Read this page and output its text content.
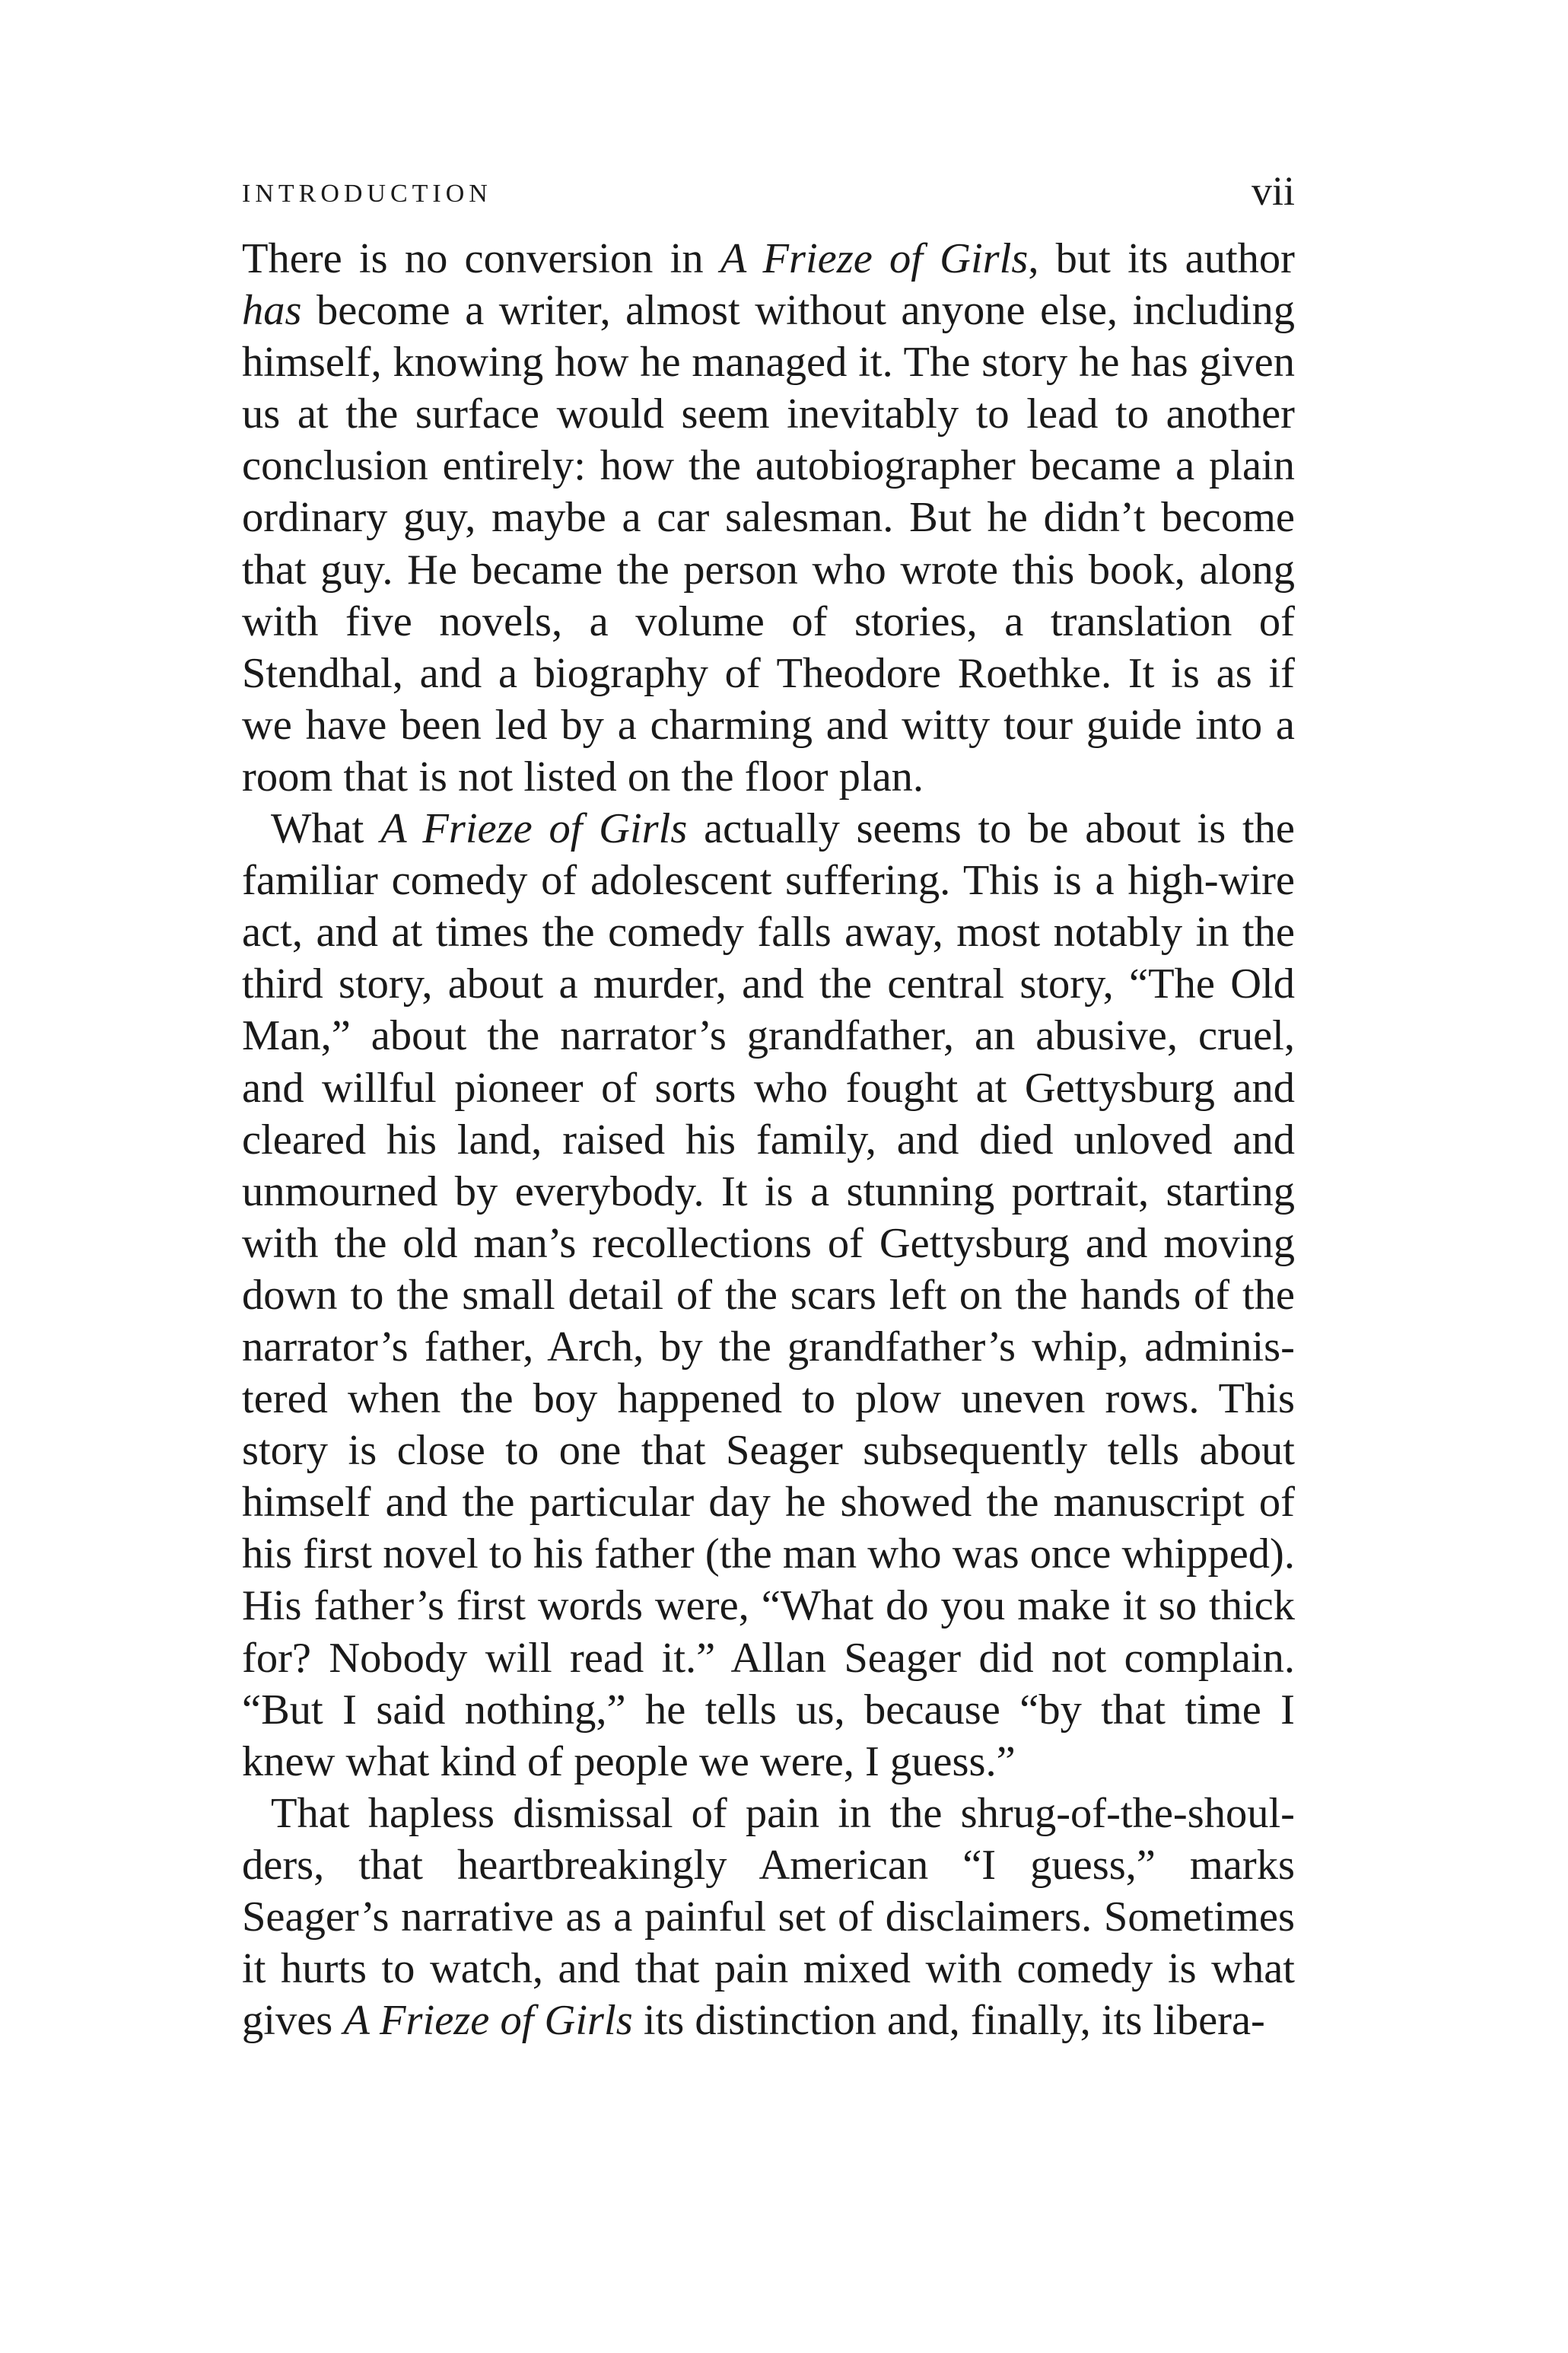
INTRODUCTION	vii

There is no conversion in A Frieze of Girls, but its author has become a writer, almost without anyone else, including himself, knowing how he managed it. The story he has given us at the surface would seem inevitably to lead to another conclusion entirely: how the autobiographer became a plain ordinary guy, maybe a car salesman. But he didn’t become that guy. He became the person who wrote this book, along with five novels, a volume of stories, a translation of Stendhal, and a biography of Theodore Roethke. It is as if we have been led by a charming and witty tour guide into a room that is not listed on the floor plan.

What A Frieze of Girls actually seems to be about is the familiar comedy of adolescent suffering. This is a high-wire act, and at times the comedy falls away, most notably in the third story, about a murder, and the central story, “The Old Man,” about the narrator’s grandfather, an abusive, cruel, and willful pioneer of sorts who fought at Gettysburg and cleared his land, raised his family, and died unloved and unmourned by everybody. It is a stunning portrait, starting with the old man’s recollections of Gettysburg and moving down to the small detail of the scars left on the hands of the narrator’s father, Arch, by the grandfather’s whip, administered when the boy happened to plow uneven rows. This story is close to one that Seager subsequently tells about himself and the particular day he showed the manuscript of his first novel to his father (the man who was once whipped). His father’s first words were, “What do you make it so thick for? Nobody will read it.” Allan Seager did not complain. “But I said nothing,” he tells us, because “by that time I knew what kind of people we were, I guess.”

That hapless dismissal of pain in the shrug-of-the-shoulders, that heartbreakingly American “I guess,” marks Seager’s narrative as a painful set of disclaimers. Sometimes it hurts to watch, and that pain mixed with comedy is what gives A Frieze of Girls its distinction and, finally, its libera-
